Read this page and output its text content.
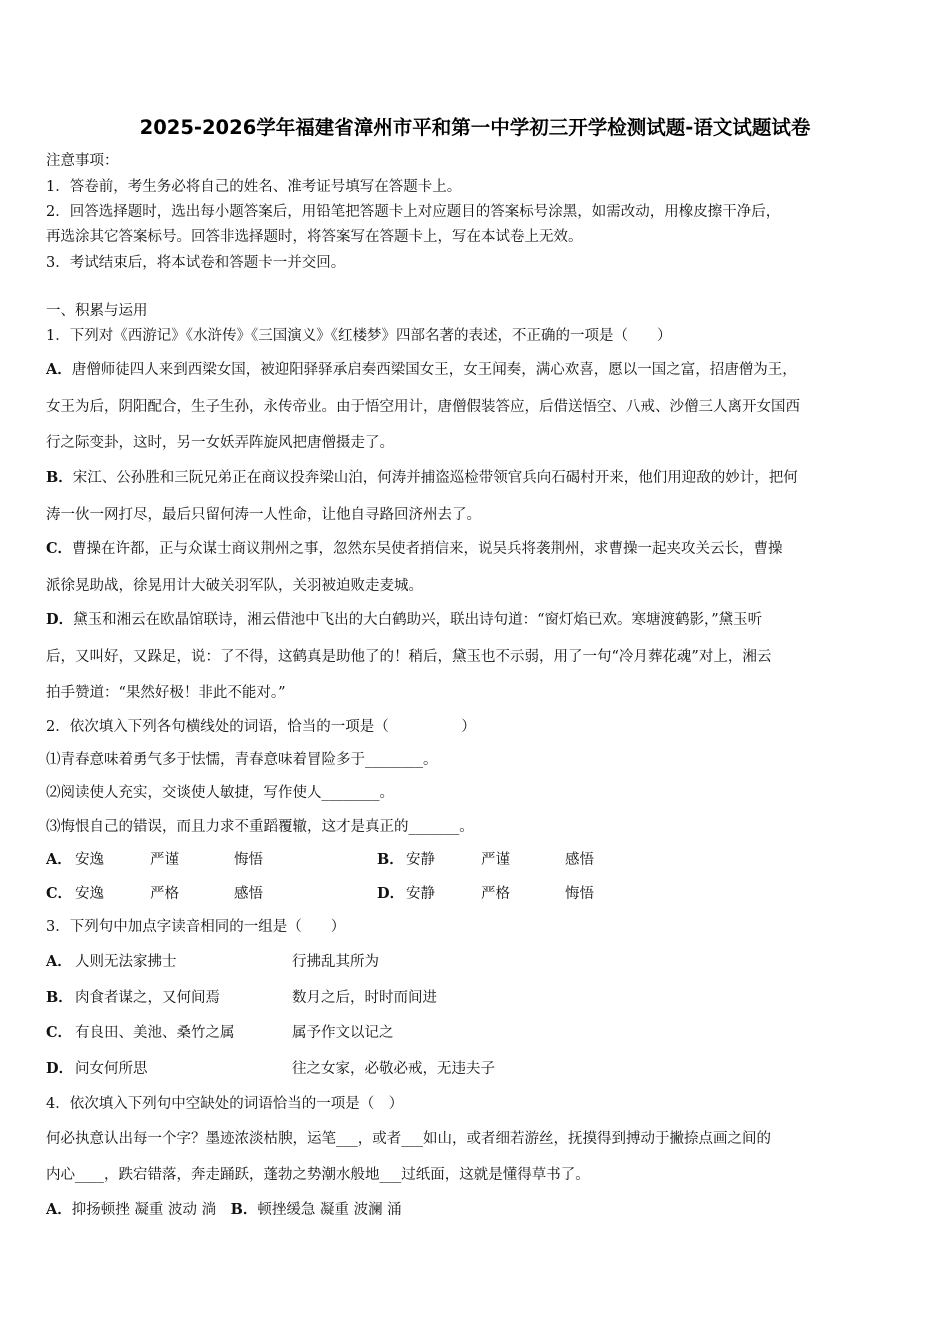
2025-2026学年福建省漳州市平和第一中学初三开学检测试题-语文试题试卷
注意事项：
1．答卷前，考生务必将自己的姓名、准考证号填写在答题卡上。
2．回答选择题时，选出每小题答案后，用铅笔把答题卡上对应题目的答案标号涂黑，如需改动，用橡皮擦干净后，
再选涂其它答案标号。回答非选择题时，将答案写在答题卡上，写在本试卷上无效。
3．考试结束后，将本试卷和答题卡一并交回。
一、积累与运用
1．下列对《西游记》《水浒传》《三国演义》《红楼梦》四部名著的表述，不正确的一项是（　　）
A．唐僧师徒四人来到西梁女国，被迎阳驿驿承启奏西梁国女王，女王闻奏，满心欢喜，愿以一国之富，招唐僧为王，
女王为后，阴阳配合，生子生孙，永传帝业。由于悟空用计，唐僧假装答应，后借送悟空、八戒、沙僧三人离开女国西
行之际变卦，这时，另一女妖弄阵旋风把唐僧摄走了。
B．宋江、公孙胜和三阮兄弟正在商议投奔梁山泊，何涛并捕盗巡检带领官兵向石碣村开来，他们用迎敌的妙计，把何
涛一伙一网打尽，最后只留何涛一人性命，让他自寻路回济州去了。
C．曹操在许都，正与众谋士商议荆州之事，忽然东吴使者捎信来，说吴兵将袭荆州，求曹操一起夹攻关云长，曹操
派徐晃助战，徐晃用计大破关羽军队，关羽被迫败走麦城。
D．黛玉和湘云在欧晶馆联诗，湘云借池中飞出的大白鹤助兴，联出诗句道：“窗灯焰已欢。寒塘渡鹤影，”黛玉听
后，又叫好，又跺足，说：了不得，这鹤真是助他了的！稍后，黛玉也不示弱，用了一句“冷月葬花魂”对上，湘云
拍手赞道：“果然好极！非此不能对。”
2．依次填入下列各句横线处的词语，恰当的一项是（　　　　　）
⑴青春意味着勇气多于怯懦，青春意味着冒险多于________。
⑵阅读使人充实，交谈使人敏捷，写作使人________。
⑶悔恨自己的错误，而且力求不重蹈覆辙，这才是真正的_______。
A． 安逸	严谨	悔悟	B． 安静	严谨	感悟
C． 安逸	严格	感悟	D． 安静	严格	悔悟
3．下列句中加点字读音相同的一组是（　　）
A． 人则无法家拂士	行拂乱其所为
B． 肉食者谋之，又何间焉	数月之后，时时而间进
C． 有良田、美池、桑竹之属	属予作文以记之
D． 问女何所思	往之女家，必敬必戒，无违夫子
4．依次填入下列句中空缺处的词语恰当的一项是（　）
何必执意认出每一个字？墨迹浓淡枯腴，运笔___，或者___如山，或者细若游丝，抚摸得到搏动于撇捺点画之间的
内心____，跌宕错落，奔走踊跃，蓬勃之势潮水般地___过纸面，这就是懂得草书了。
A．抑扬顿挫 凝重 波动 淌　 B．顿挫缓急 凝重 波澜 涌
